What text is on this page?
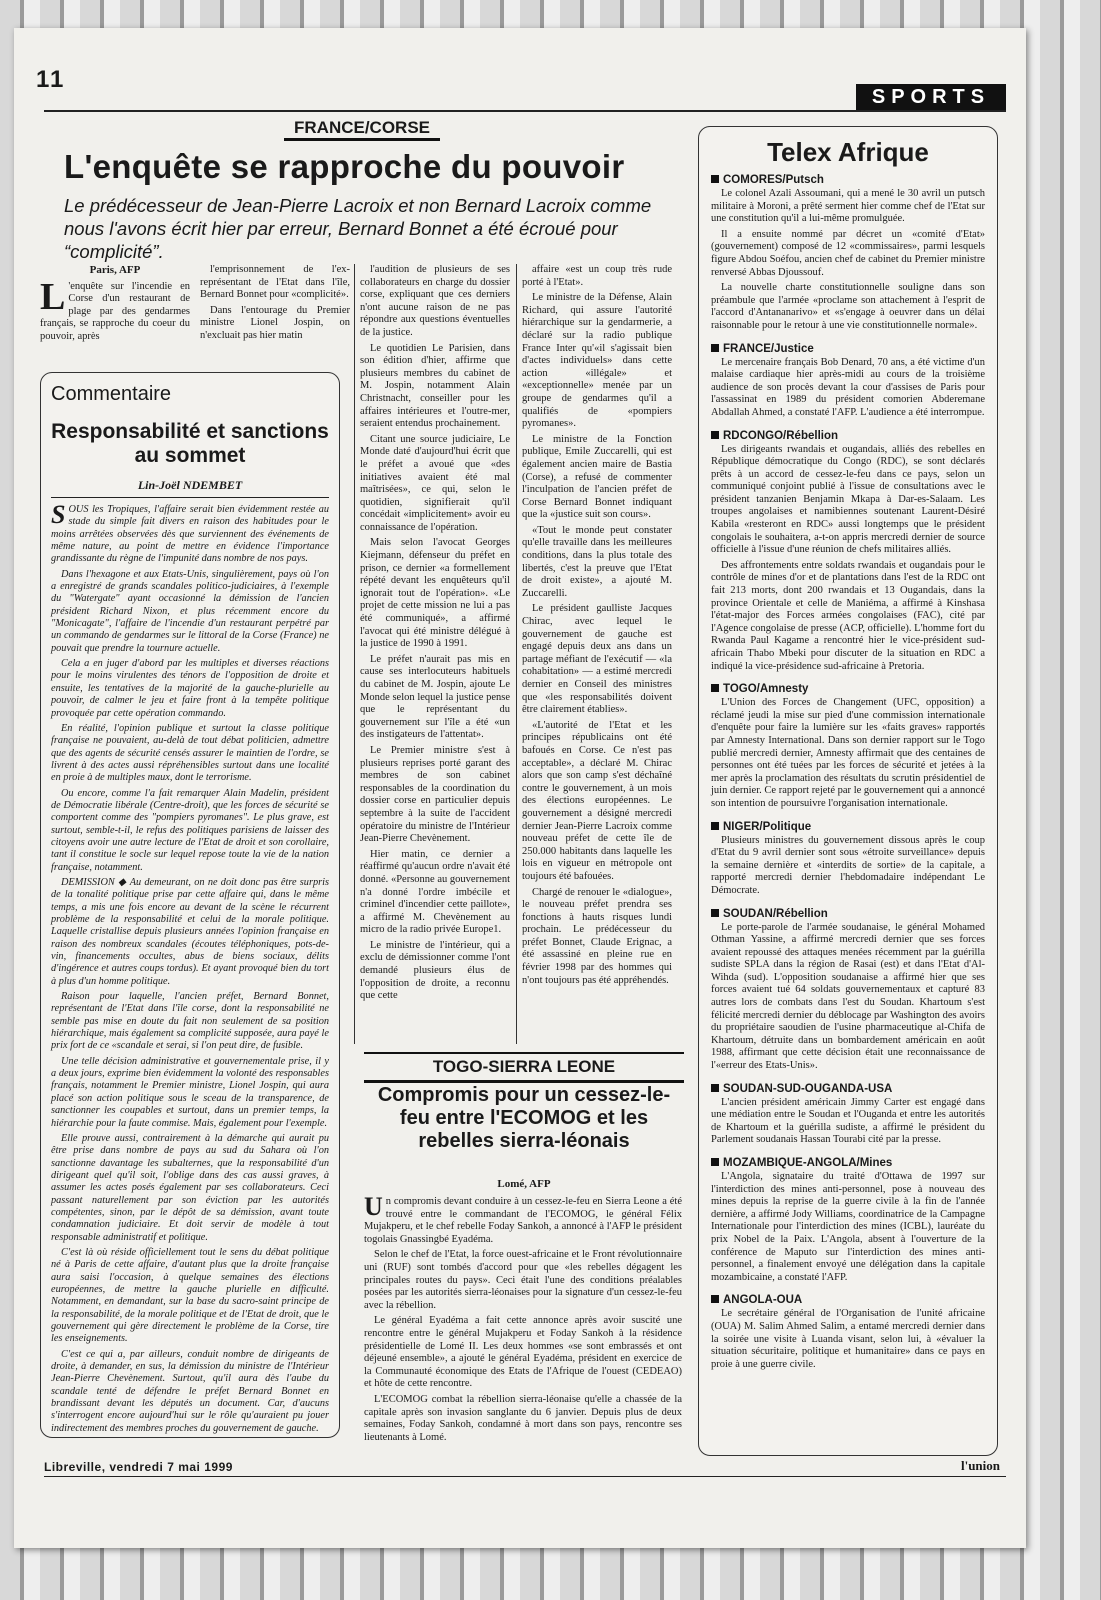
11
SPORTS
FRANCE/CORSE
L'enquête se rapproche du pouvoir
Le prédécesseur de Jean-Pierre Lacroix et non Bernard Lacroix comme nous l'avons écrit hier par erreur, Bernard Bonnet a été écroué pour “complicité”.
Paris, AFP
L 'enquête sur l'incendie en Corse d'un restaurant de plage par des gendarmes français, se rapproche du coeur du pouvoir, après

l'emprisonnement de l'ex-représentant de l'Etat dans l'île, Bernard Bonnet pour «complicité».

Dans l'entourage du Premier ministre Lionel Jospin, on n'excluait pas hier matin

l'audition de plusieurs de ses collaborateurs en charge du dossier corse, expliquant que ces derniers n'ont aucune raison de ne pas répondre aux questions éventuelles de la justice.

Le quotidien Le Parisien, dans son édition d'hier, affirme que plusieurs membres du cabinet de M. Jospin, notamment Alain Christnacht, conseiller pour les affaires intérieures et l'outre-mer, seraient entendus prochainement.

Citant une source judiciaire, Le Monde daté d'aujourd'hui écrit que le préfet a avoué que «des initiatives avaient été mal maîtrisées», ce qui, selon le quotidien, signifierait qu'il concédait «implicitement» avoir eu connaissance de l'opération.

Mais selon l'avocat Georges Kiejmann, défenseur du préfet en prison, ce dernier «a formellement répété devant les enquêteurs qu'il ignorait tout de l'opération». «Le projet de cette mission ne lui a pas été communiqué», a affirmé l'avocat qui été ministre délégué à la justice de 1990 à 1991.

Le préfet n'aurait pas mis en cause ses interlocuteurs habituels du cabinet de M. Jospin, ajoute Le Monde selon lequel la justice pense que le représentant du gouvernement sur l'île a été «un des instigateurs de l'attentat».

Le Premier ministre s'est à plusieurs reprises porté garant des membres de son cabinet responsables de la coordination du dossier corse en particulier depuis septembre à la suite de l'accident opératoire du ministre de l'Intérieur Jean-Pierre Chevènement.

Hier matin, ce dernier a réaffirmé qu'aucun ordre n'avait été donné. «Personne au gouvernement n'a donné l'ordre imbécile et criminel d'incendier cette paillote», a affirmé M. Chevènement au micro de la radio privée Europe1.

Le ministre de l'intérieur, qui a exclu de démissionner comme l'ont demandé plusieurs élus de l'opposition de droite, a reconnu que cette

affaire «est un coup très rude porté à l'Etat».

Le ministre de la Défense, Alain Richard, qui assure l'autorité hiérarchique sur la gendarmerie, a déclaré sur la radio publique France Inter qu'«il s'agissait bien d'actes individuels» dans cette action «illégale» et «exceptionnelle» menée par un groupe de gendarmes qu'il a qualifiés de «pompiers pyromanes».

Le ministre de la Fonction publique, Emile Zuccarelli, qui est également ancien maire de Bastia (Corse), a refusé de commenter l'inculpation de l'ancien préfet de Corse Bernard Bonnet indiquant que la «justice suit son cours».

«Tout le monde peut constater qu'elle travaille dans les meilleures conditions, dans la plus totale des libertés, c'est la preuve que l'Etat de droit existe», a ajouté M. Zuccarelli.

Le président gaulliste Jacques Chirac, avec lequel le gouvernement de gauche est engagé depuis deux ans dans un partage méfiant de l'exécutif — «la cohabitation» — a estimé mercredi dernier en Conseil des ministres que «les responsabilités doivent être clairement établies».

«L'autorité de l'Etat et les principes républicains ont été bafoués en Corse. Ce n'est pas acceptable», a déclaré M. Chirac alors que son camp s'est déchaîné contre le gouvernement, à un mois des élections européennes. Le gouvernement a désigné mercredi dernier Jean-Pierre Lacroix comme nouveau préfet de cette île de 250.000 habitants dans laquelle les lois en vigueur en métropole ont toujours été bafouées.

Chargé de renouer le «dialogue», le nouveau préfet prendra ses fonctions à hauts risques lundi prochain. Le prédécesseur du préfet Bonnet, Claude Erignac, a été assassiné en pleine rue en février 1998 par des hommes qui n'ont toujours pas été appréhendés.

Commentaire
Responsabilité et sanctions au sommet
Lin-Joël NDEMBET

SOUS les Tropiques, l'affaire serait bien évidemment restée au stade du simple fait divers en raison des habitudes pour le moins arrêtées observées dès que surviennent des événements de même nature, au point de mettre en évidence l'importance grandissante du règne de l'impunité dans nombre de nos pays.

Dans l'hexagone et aux Etats-Unis, singulièrement, pays où l'on a enregistré de grands scandales politico-judiciaires, à l'exemple du "Watergate" ayant occasionné la démission de l'ancien président Richard Nixon, et plus récemment encore du "Monicagate", l'affaire de l'incendie d'un restaurant perpétré par un commando de gendarmes sur le littoral de la Corse (France) ne pouvait que prendre la tournure actuelle.

Cela a en juger d'abord par les multiples et diverses réactions pour le moins virulentes des ténors de l'opposition de droite et ensuite, les tentatives de la majorité de la gauche-plurielle au pouvoir, de calmer le jeu et faire front à la tempête politique provoquée par cette opération commando.

En réalité, l'opinion publique et surtout la classe politique française ne pouvaient, au-delà de tout débat politicien, admettre que des agents de sécurité censés assurer le maintien de l'ordre, se livrent à des actes aussi répréhensibles surtout dans une localité en proie à de multiples maux, dont le terrorisme.

Ou encore, comme l'a fait remarquer Alain Madelin, président de Démocratie libérale (Centre-droit), que les forces de sécurité se comportent comme des "pompiers pyromanes". Le plus grave, est surtout, semble-t-il, le refus des politiques parisiens de laisser des citoyens avoir une autre lecture de l'Etat de droit et son corollaire, tant il constitue le socle sur lequel repose toute la vie de la nation française, notamment.

DEMISSION ◆ Au demeurant, on ne doit donc pas être surpris de la tonalité politique prise par cette affaire qui, dans le même temps, a mis une fois encore au devant de la scène le récurrent problème de la responsabilité et celui de la morale politique. Laquelle cristallise depuis plusieurs années l'opinion française en raison des nombreux scandales (écoutes téléphoniques, pots-de-vin, financements occultes, abus de biens sociaux, délits d'ingérence et autres coups tordus). Et ayant provoqué bien du tort à plus d'un homme politique.

Raison pour laquelle, l'ancien préfet, Bernard Bonnet, représentant de l'Etat dans l'île corse, dont la responsabilité ne semble pas mise en doute du fait non seulement de sa position hiérarchique, mais également sa complicité supposée, aura payé le prix fort de ce «scandale et serai, si l'on peut dire, de fusible.

Une telle décision administrative et gouvernementale prise, il y a deux jours, exprime bien évidemment la volonté des responsables français, notamment le Premier ministre, Lionel Jospin, qui aura placé son action politique sous le sceau de la transparence, de sanctionner les coupables et surtout, dans un premier temps, la hiérarchie pour la faute commise. Mais, également pour l'exemple.

Elle prouve aussi, contrairement à la démarche qui aurait pu être prise dans nombre de pays au sud du Sahara où l'on sanctionne davantage les subalternes, que la responsabilité d'un dirigeant quel qu'il soit, l'oblige dans des cas aussi graves, à assumer les actes posés également par ses collaborateurs. Ceci passant naturellement par son éviction par les autorités compétentes, sinon, par le dépôt de sa démission, avant toute condamnation judiciaire. Et doit servir de modèle à tout responsable administratif et politique.

C'est là où réside officiellement tout le sens du débat politique né à Paris de cette affaire, d'autant plus que la droite française aura saisi l'occasion, à quelque semaines des élections européennes, de mettre la gauche plurielle en difficulté. Notamment, en demandant, sur la base du sacro-saint principe de la responsabilité, de la morale politique et de l'Etat de droit, que le gouvernement qui gère directement le problème de la Corse, tire les enseignements.

C'est ce qui a, par ailleurs, conduit nombre de dirigeants de droite, à demander, en sus, la démission du ministre de l'Intérieur Jean-Pierre Chevènement. Surtout, qu'il aura dès l'aube du scandale tenté de défendre le préfet Bernard Bonnet en brandissant devant les députés un document. Car, d'aucuns s'interrogent encore aujourd'hui sur le rôle qu'auraient pu jouer indirectement des membres proches du gouvernement de gauche.

TOGO-SIERRA LEONE
Compromis pour un cessez-le-feu entre l'ECOMOG et les rebelles sierra-léonais
Lomé, AFP

Un compromis devant conduire à un cessez-le-feu en Sierra Leone a été trouvé entre le commandant de l'ECOMOG, le général Félix Mujakperu, et le chef rebelle Foday Sankoh, a annoncé à l'AFP le président togolais Gnassingbé Eyadéma.

Selon le chef de l'Etat, la force ouest-africaine et le Front révolutionnaire uni (RUF) sont tombés d'accord pour que «les rebelles dégagent les principales routes du pays». Ceci était l'une des conditions préalables posées par les autorités sierra-léonaises pour la signature d'un cessez-le-feu avec la rébellion.

Le général Eyadéma a fait cette annonce après avoir suscité une rencontre entre le général Mujakperu et Foday Sankoh à la résidence présidentielle de Lomé II. Les deux hommes «se sont embrassés et ont déjeuné ensemble», a ajouté le général Eyadéma, président en exercice de la Communauté économique des Etats de l'Afrique de l'ouest (CEDEAO) et hôte de cette rencontre.

L'ECOMOG combat la rébellion sierra-léonaise qu'elle a chassée de la capitale après son invasion sanglante du 6 janvier. Depuis plus de deux semaines, Foday Sankoh, condamné à mort dans son pays, rencontre ses lieutenants à Lomé.

Telex Afrique
COMORES/Putsch

Le colonel Azali Assoumani, qui a mené le 30 avril un putsch militaire à Moroni, a prêté serment hier comme chef de l'Etat sur une constitution qu'il a lui-même promulguée.

Il a ensuite nommé par décret un «comité d'Etat» (gouvernement) composé de 12 «commissaires», parmi lesquels figure Abdou Soéfou, ancien chef de cabinet du Premier ministre renversé Abbas Djoussouf.

La nouvelle charte constitutionnelle souligne dans son préambule que l'armée «proclame son attachement à l'esprit de l'accord d'Antananarivo» et «s'engage à oeuvrer dans un délai raisonnable pour le retour à une vie constitutionnelle normale».

FRANCE/Justice

Le mercenaire français Bob Denard, 70 ans, a été victime d'un malaise cardiaque hier après-midi au cours de la troisième audience de son procès devant la cour d'assises de Paris pour l'assassinat en 1989 du président comorien Abderemane Abdallah Ahmed, a constaté l'AFP. L'audience a été interrompue.

RDCONGO/Rébellion

Les dirigeants rwandais et ougandais, alliés des rebelles en République démocratique du Congo (RDC), se sont déclarés prêts à un accord de cessez-le-feu dans ce pays, selon un communiqué conjoint publié à l'issue de consultations avec le président tanzanien Benjamin Mkapa à Dar-es-Salaam. Les troupes angolaises et namibiennes soutenant Laurent-Désiré Kabila «resteront en RDC» aussi longtemps que le président congolais le souhaitera, a-t-on appris mercredi dernier de source officielle à l'issue d'une réunion de chefs militaires alliés.

Des affrontements entre soldats rwandais et ougandais pour le contrôle de mines d'or et de plantations dans l'est de la RDC ont fait 213 morts, dont 200 rwandais et 13 Ougandais, dans la province Orientale et celle de Maniéma, a affirmé à Kinshasa l'état-major des Forces armées congolaises (FAC), cité par l'Agence congolaise de presse (ACP, officielle). L'homme fort du Rwanda Paul Kagame a rencontré hier le vice-président sud-africain Thabo Mbeki pour discuter de la situation en RDC a indiqué la vice-présidence sud-africaine à Pretoria.

TOGO/Amnesty

L'Union des Forces de Changement (UFC, opposition) a réclamé jeudi la mise sur pied d'une commission internationale d'enquête pour faire la lumière sur les «faits graves» rapportés par Amnesty International. Dans son dernier rapport sur le Togo publié mercredi dernier, Amnesty affirmait que des centaines de personnes ont été tuées par les forces de sécurité et jetées à la mer après la proclamation des résultats du scrutin présidentiel de juin dernier. Ce rapport rejeté par le gouvernement qui a annoncé son intention de poursuivre l'organisation internationale.

NIGER/Politique

Plusieurs ministres du gouvernement dissous après le coup d'Etat du 9 avril dernier sont sous «étroite surveillance» depuis la semaine dernière et «interdits de sortie» de la capitale, a rapporté mercredi dernier l'hebdomadaire indépendant Le Démocrate.

SOUDAN/Rébellion

Le porte-parole de l'armée soudanaise, le général Mohamed Othman Yassine, a affirmé mercredi dernier que ses forces avaient repoussé des attaques menées récemment par la guérilla sudiste SPLA dans la région de Rasai (est) et dans l'Etat d'Al-Wihda (sud). L'opposition soudanaise a affirmé hier que ses forces avaient tué 64 soldats gouvernementaux et capturé 83 autres lors de combats dans l'est du Soudan. Khartoum s'est félicité mercredi dernier du déblocage par Washington des avoirs du propriétaire saoudien de l'usine pharmaceutique al-Chifa de Khartoum, détruite dans un bombardement américain en août 1988, affirmant que cette décision était une reconnaissance de l'«erreur des Etats-Unis».

SOUDAN-SUD-OUGANDA-USA

L'ancien président américain Jimmy Carter est engagé dans une médiation entre le Soudan et l'Ouganda et entre les autorités de Khartoum et la guérilla sudiste, a affirmé le président du Parlement soudanais Hassan Tourabi cité par la presse.

MOZAMBIQUE-ANGOLA/Mines

L'Angola, signataire du traité d'Ottawa de 1997 sur l'interdiction des mines anti-personnel, pose à nouveau des mines depuis la reprise de la guerre civile à la fin de l'année dernière, a affirmé Jody Williams, coordinatrice de la Campagne Internationale pour l'interdiction des mines (ICBL), lauréate du prix Nobel de la Paix. L'Angola, absent à l'ouverture de la conférence de Maputo sur l'interdiction des mines anti-personnel, a finalement envoyé une délégation dans la capitale mozambicaine, a constaté l'AFP.

ANGOLA-OUA

Le secrétaire général de l'Organisation de l'unité africaine (OUA) M. Salim Ahmed Salim, a entamé mercredi dernier dans la soirée une visite à Luanda visant, selon lui, à «évaluer la situation sécuritaire, politique et humanitaire» dans ce pays en proie à une guerre civile.

Libreville, vendredi 7 mai 1999	l'union
